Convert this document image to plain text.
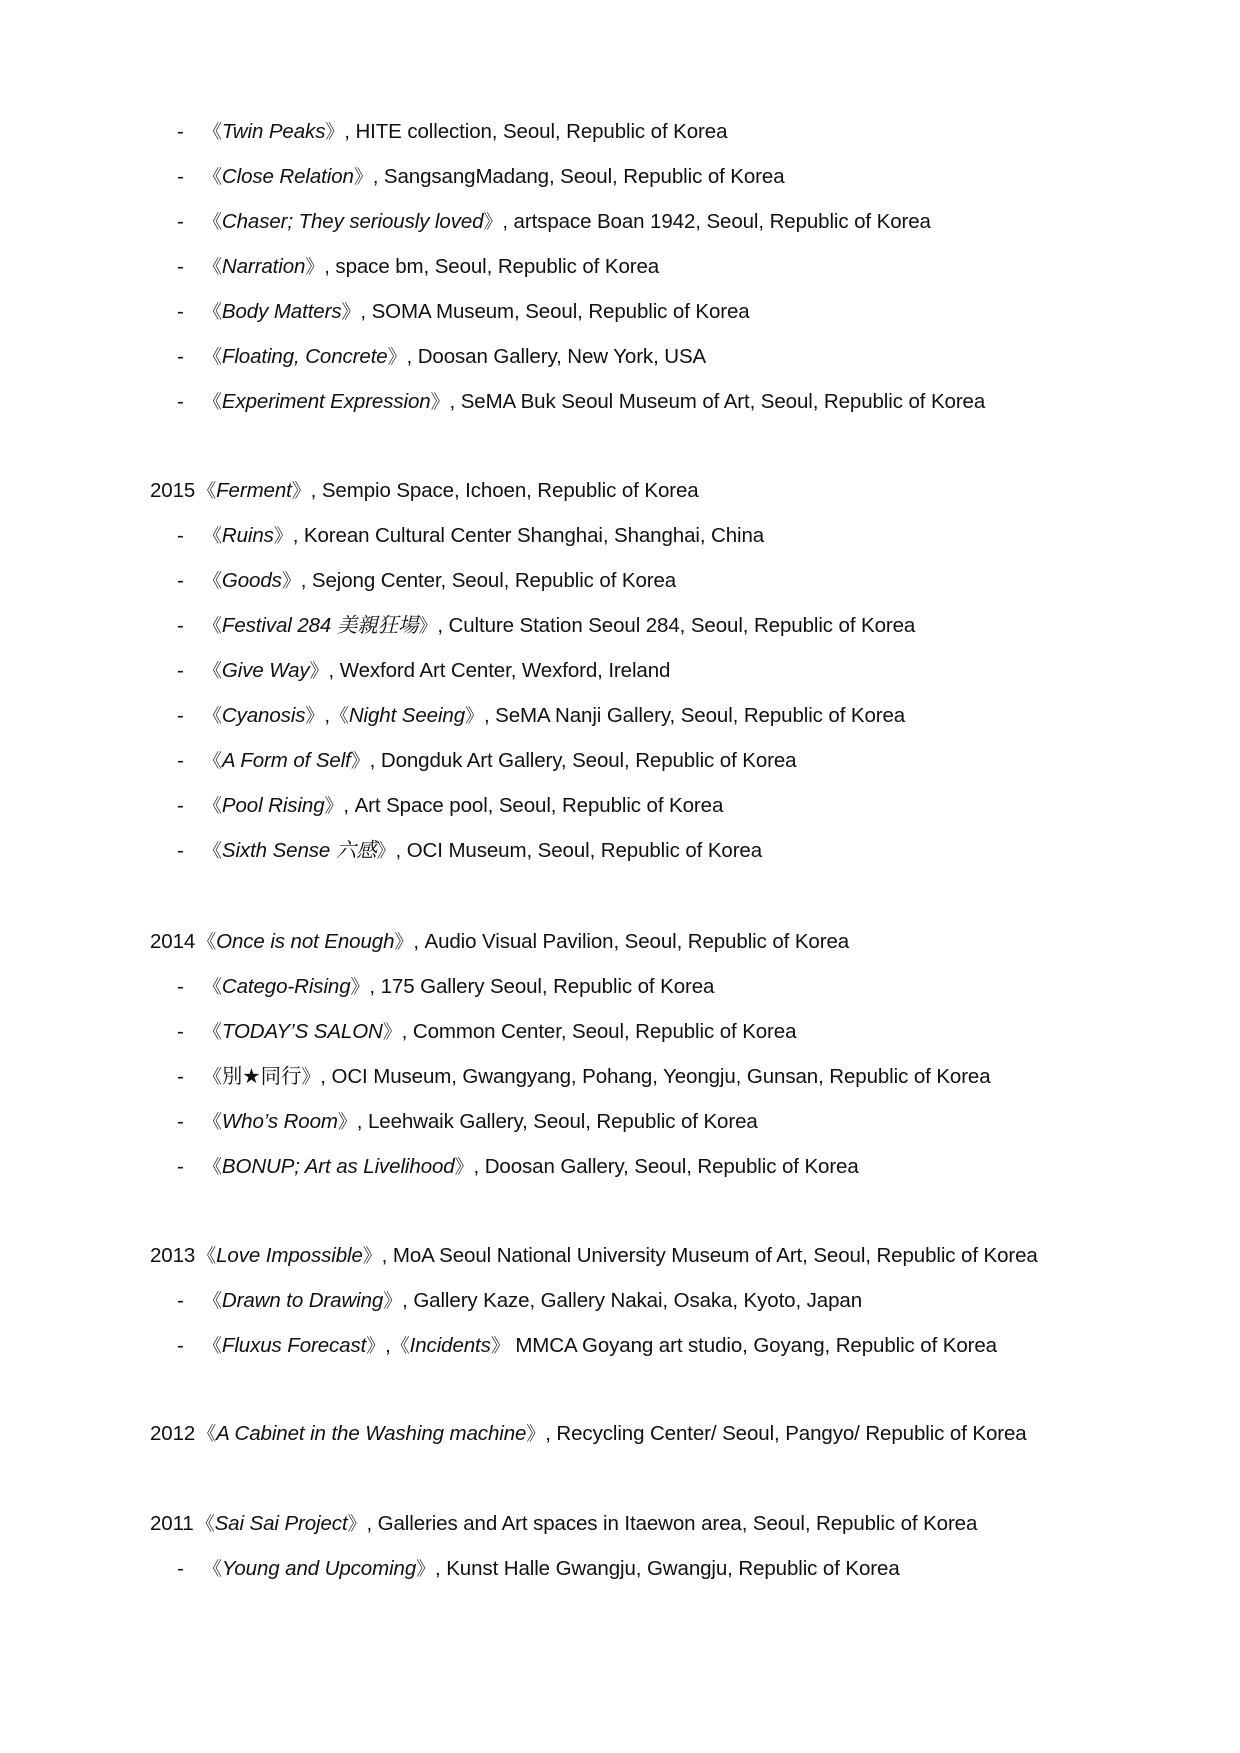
- 《Twin Peaks》, HITE collection, Seoul, Republic of Korea
- 《Close Relation》, SangsangMadang, Seoul, Republic of Korea
- 《Chaser; They seriously loved》, artspace Boan 1942, Seoul, Republic of Korea
- 《Narration》, space bm, Seoul, Republic of Korea
- 《Body Matters》, SOMA Museum, Seoul, Republic of Korea
- 《Floating, Concrete》, Doosan Gallery, New York, USA
- 《Experiment Expression》, SeMA Buk Seoul Museum of Art, Seoul, Republic of Korea
2015 《Ferment》, Sempio Space, Ichoen, Republic of Korea
- 《Ruins》, Korean Cultural Center Shanghai, Shanghai, China
- 《Goods》, Sejong Center, Seoul, Republic of Korea
- 《Festival 284 美親狂場》, Culture Station Seoul 284, Seoul, Republic of Korea
- 《Give Way》, Wexford Art Center, Wexford, Ireland
- 《Cyanosis》,《Night Seeing》, SeMA Nanji Gallery, Seoul, Republic of Korea
- 《A Form of Self》, Dongduk Art Gallery, Seoul, Republic of Korea
- 《Pool Rising》, Art Space pool, Seoul, Republic of Korea
- 《Sixth Sense 六感》, OCI Museum, Seoul, Republic of Korea
2014 《Once is not Enough》, Audio Visual Pavilion, Seoul, Republic of Korea
- 《Catego-Rising》, 175 Gallery Seoul, Republic of Korea
- 《TODAY’S SALON》, Common Center, Seoul, Republic of Korea
- 《別★同行》, OCI Museum, Gwangyang, Pohang, Yeongju, Gunsan, Republic of Korea
- 《Who’s Room》, Leehwaik Gallery, Seoul, Republic of Korea
- 《BONUP; Art as Livelihood》, Doosan Gallery, Seoul, Republic of Korea
2013 《Love Impossible》, MoA Seoul National University Museum of Art, Seoul, Republic of Korea
- 《Drawn to Drawing》, Gallery Kaze, Gallery Nakai, Osaka, Kyoto, Japan
- 《Fluxus Forecast》,《Incidents》 MMCA Goyang art studio, Goyang, Republic of Korea
2012 《A Cabinet in the Washing machine》, Recycling Center/ Seoul, Pangyo/ Republic of Korea
2011 《Sai Sai Project》, Galleries and Art spaces in Itaewon area, Seoul, Republic of Korea
- 《Young and Upcoming》, Kunst Halle Gwangju, Gwangju, Republic of Korea
